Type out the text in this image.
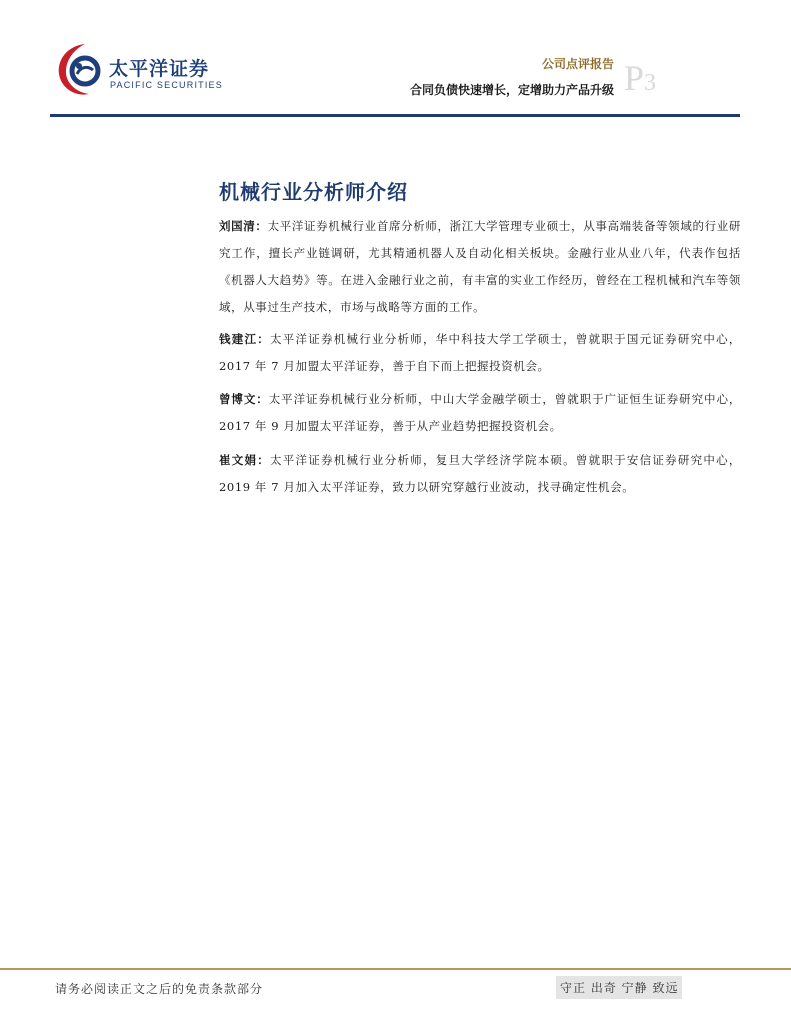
太平洋证券
PACIFIC SECURITIES
公司点评报告
合同负债快速增长，定增助力产品升级 P3
机械行业分析师介绍
刘国清：太平洋证券机械行业首席分析师，浙江大学管理专业硕士，从事高端装备等领域的行业研究工作，擅长产业链调研，尤其精通机器人及自动化相关板块。金融行业从业八年，代表作包括《机器人大趋势》等。在进入金融行业之前，有丰富的实业工作经历，曾经在工程机械和汽车等领域，从事过生产技术，市场与战略等方面的工作。
钱建江：太平洋证券机械行业分析师，华中科技大学工学硕士，曾就职于国元证券研究中心，2017 年 7 月加盟太平洋证券，善于自下而上把握投资机会。
曾博文：太平洋证券机械行业分析师，中山大学金融学硕士，曾就职于广证恒生证券研究中心，2017 年 9 月加盟太平洋证券，善于从产业趋势把握投资机会。
崔文娟：太平洋证券机械行业分析师，复旦大学经济学院本硕。曾就职于安信证券研究中心，2019 年 7 月加入太平洋证券，致力以研究穿越行业波动，找寻确定性机会。
请务必阅读正文之后的免责条款部分	守正 出奇 宁静 致远
